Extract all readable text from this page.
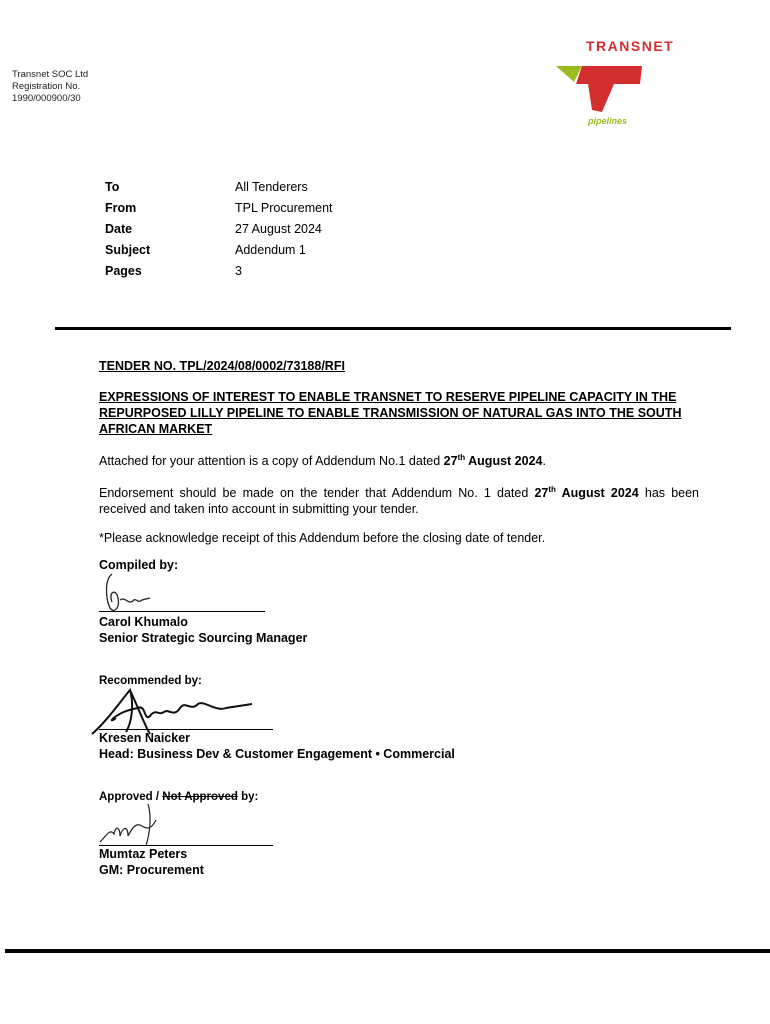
Transnet SOC Ltd
Registration No.
1990/000900/30
TRANSNET
pipelines
To	All Tenderers
From	TPL Procurement
Date	27 August 2024
Subject	Addendum 1
Pages	3
TENDER NO. TPL/2024/08/0002/73188/RFI
EXPRESSIONS OF INTEREST TO ENABLE TRANSNET TO RESERVE PIPELINE CAPACITY IN THE REPURPOSED LILLY PIPELINE TO ENABLE TRANSMISSION OF NATURAL GAS INTO THE SOUTH AFRICAN MARKET
Attached for your attention is a copy of Addendum No.1 dated 27th August 2024.
Endorsement should be made on the tender that Addendum No. 1 dated 27th August 2024 has been received and taken into account in submitting your tender.
*Please acknowledge receipt of this Addendum before the closing date of tender.
Compiled by:
Carol Khumalo
Senior Strategic Sourcing Manager
Recommended by:
Kresen Naicker
Head: Business Dev & Customer Engagement • Commercial
Approved / Not Approved by:
Mumtaz Peters
GM: Procurement
